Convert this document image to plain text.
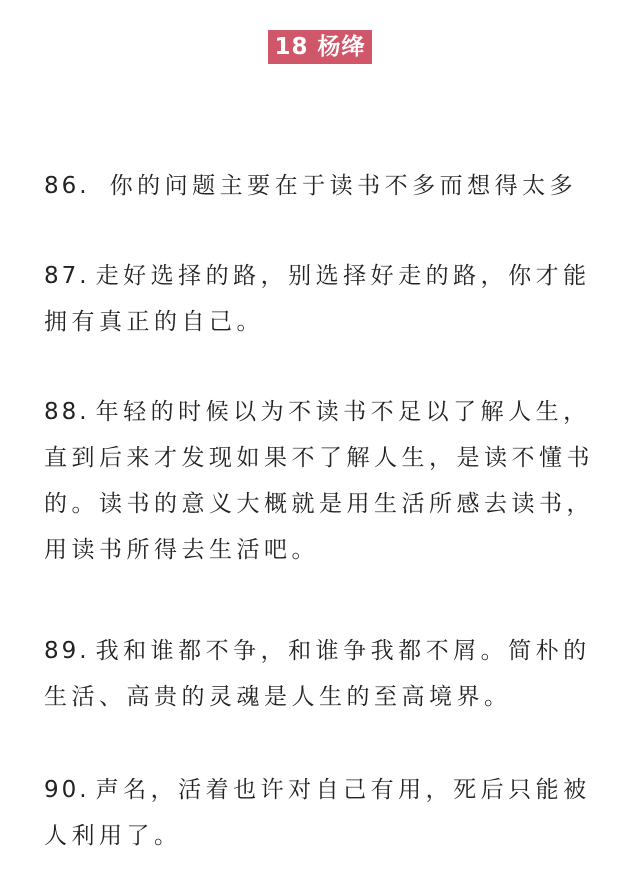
18 杨绛
86. 你的问题主要在于读书不多而想得太多
87. 走好选择的路，别选择好走的路，你才能
拥有真正的自己。
88. 年轻的时候以为不读书不足以了解人生，
直到后来才发现如果不了解人生，是读不懂书
的。读书的意义大概就是用生活所感去读书，
用读书所得去生活吧。
89. 我和谁都不争，和谁争我都不屑。简朴的
生活、高贵的灵魂是人生的至高境界。
90. 声名，活着也许对自己有用，死后只能被
人利用了。
